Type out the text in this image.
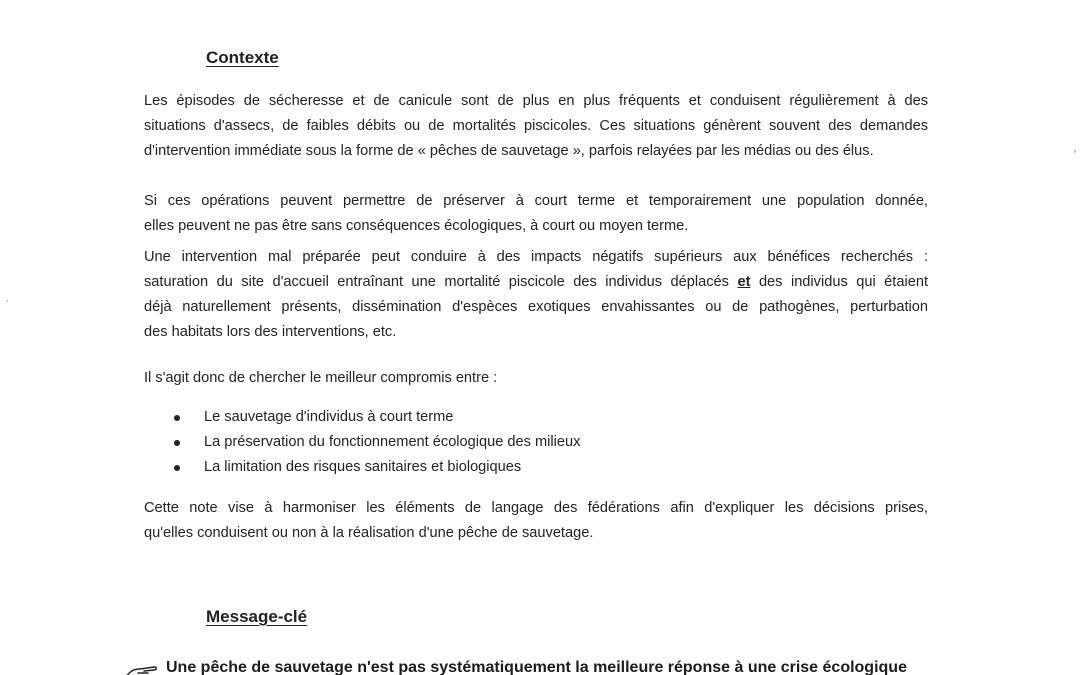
Contexte

Les épisodes de sécheresse et de canicule sont de plus en plus fréquents et conduisent régulièrement à des
situations d'assecs, de faibles débits ou de mortalités piscicoles. Ces situations génèrent souvent des demandes
d'intervention immédiate sous la forme de « pêches de sauvetage », parfois relayées par les médias ou des élus.

Si ces opérations peuvent permettre de préserver à court terme et temporairement une population donnée,
elles peuvent ne pas être sans conséquences écologiques, à court ou moyen terme.

Une intervention mal préparée peut conduire à des impacts négatifs supérieurs aux bénéfices recherchés :
saturation du site d'accueil entraînant une mortalité piscicole des individus déplacés et des individus qui étaient
déjà naturellement présents, dissémination d'espèces exotiques envahissantes ou de pathogènes, perturbation
des habitats lors des interventions, etc.

Il s'agit donc de chercher le meilleur compromis entre :

Le sauvetage d'individus à court terme
La préservation du fonctionnement écologique des milieux
La limitation des risques sanitaires et biologiques

Cette note vise à harmoniser les éléments de langage des fédérations afin d'expliquer les décisions prises,
qu'elles conduisent ou non à la réalisation d'une pêche de sauvetage.

Message-clé
Une pêche de sauvetage n'est pas systématiquement la meilleure réponse à une crise écologique
